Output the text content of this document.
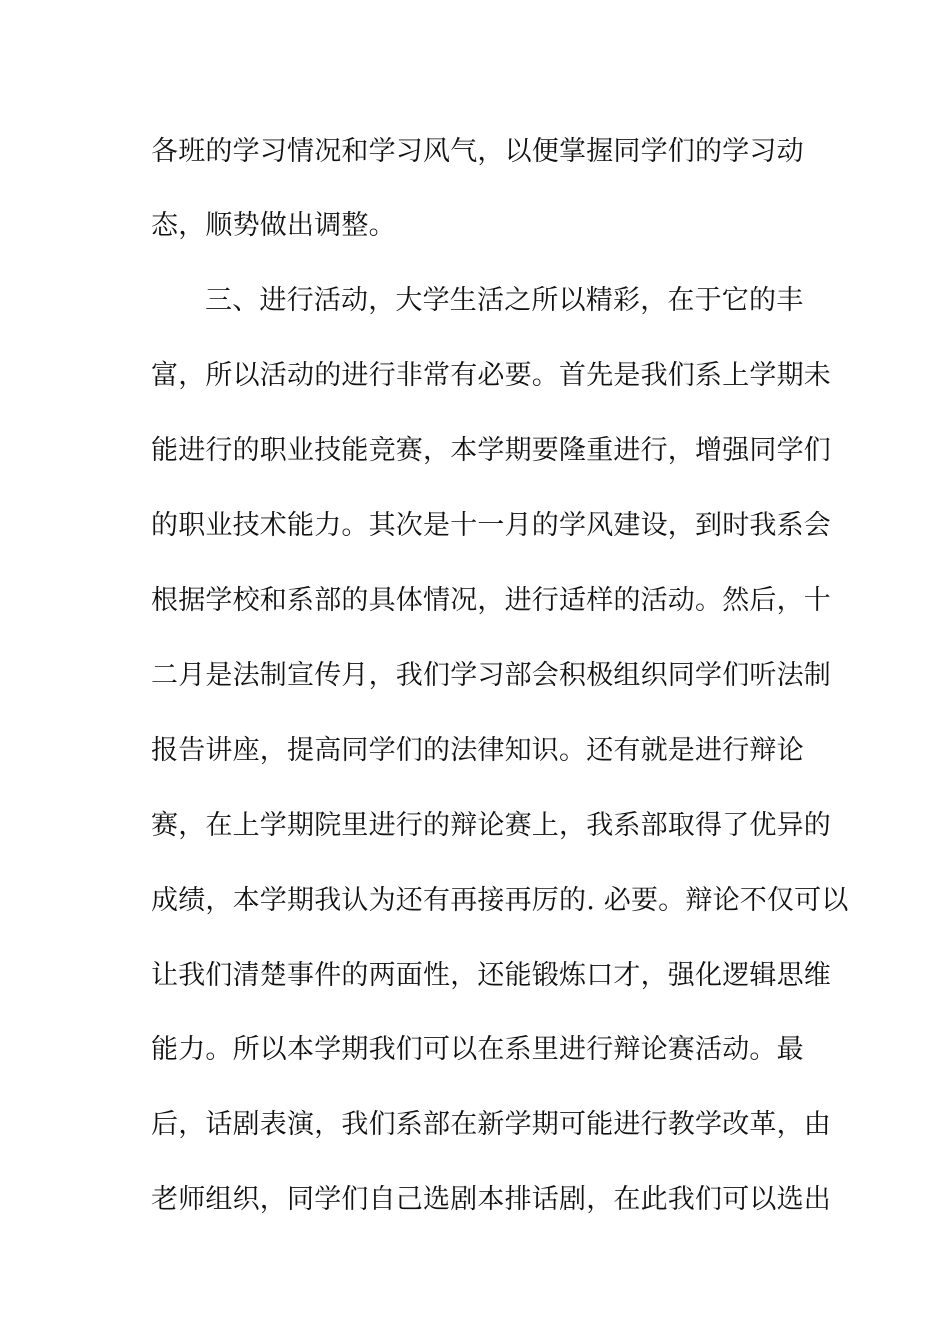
各班的学习情况和学习风气，以便掌握同学们的学习动
态，顺势做出调整。
三、进行活动，大学生活之所以精彩，在于它的丰
富，所以活动的进行非常有必要。首先是我们系上学期未
能进行的职业技能竞赛，本学期要隆重进行，增强同学们
的职业技术能力。其次是十一月的学风建设，到时我系会
根据学校和系部的具体情况，进行适样的活动。然后，十
二月是法制宣传月，我们学习部会积极组织同学们听法制
报告讲座，提高同学们的法律知识。还有就是进行辩论
赛，在上学期院里进行的辩论赛上，我系部取得了优异的
成绩，本学期我认为还有再接再厉的. 必要。辩论不仅可以
让我们清楚事件的两面性，还能锻炼口才，强化逻辑思维
能力。所以本学期我们可以在系里进行辩论赛活动。最
后，话剧表演，我们系部在新学期可能进行教学改革，由
老师组织，同学们自己选剧本排话剧，在此我们可以选出
